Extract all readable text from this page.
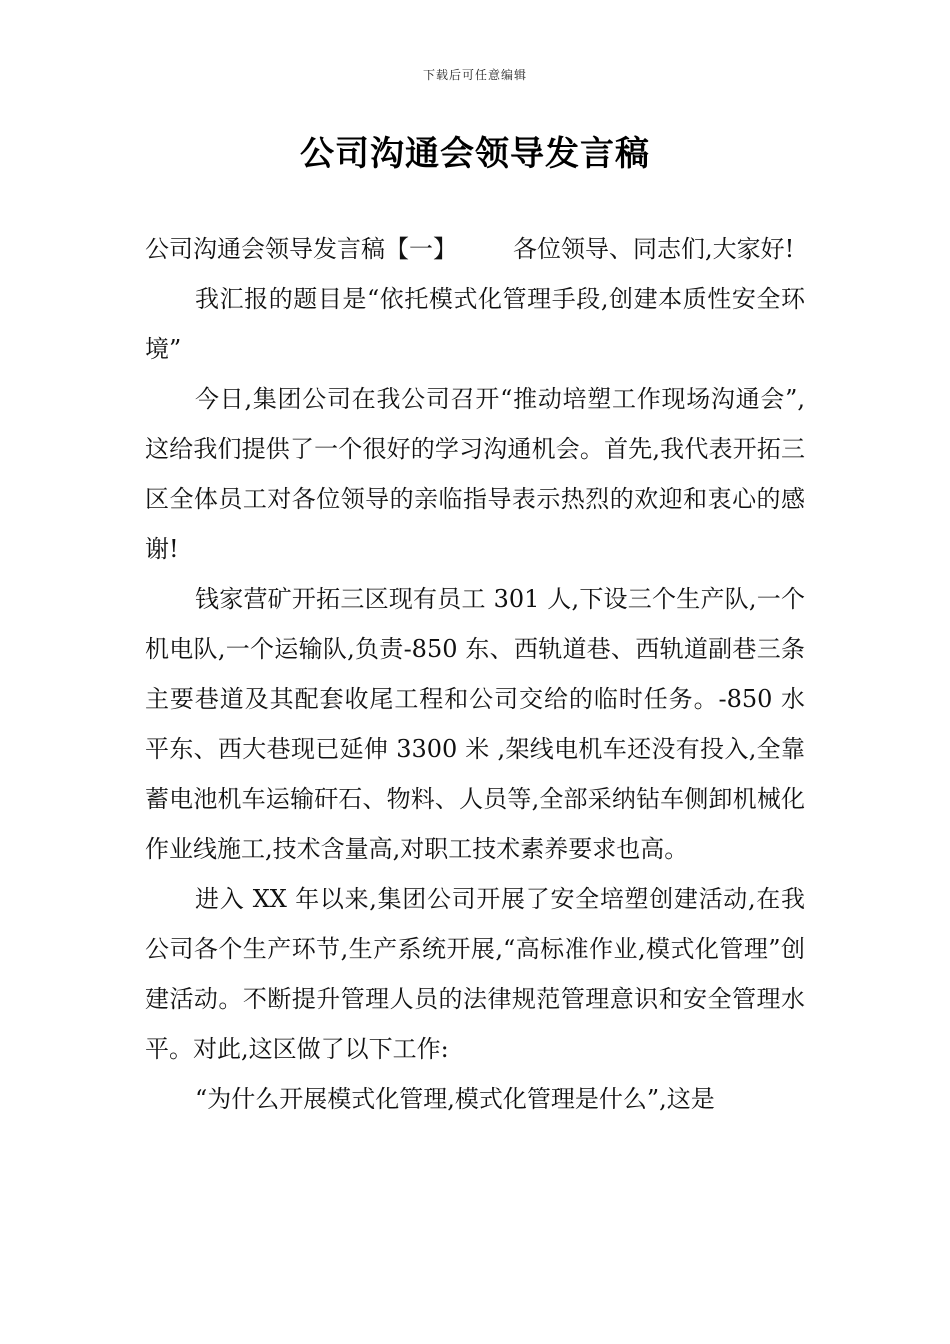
下载后可任意编辑
公司沟通会领导发言稿

公司沟通会领导发言稿【一】 各位领导、同志们,大家好!

我汇报的题目是“依托模式化管理手段,创建本质性安全环境”

今日,集团公司在我公司召开“推动培塑工作现场沟通会”,这给我们提供了一个很好的学习沟通机会。首先,我代表开拓三区全体员工对各位领导的亲临指导表示热烈的欢迎和衷心的感谢!

钱家营矿开拓三区现有员工 301 人,下设三个生产队,一个机电队,一个运输队,负责-850 东、西轨道巷、西轨道副巷三条主要巷道及其配套收尾工程和公司交给的临时任务。-850 水平东、西大巷现已延伸 3300 米 ,架线电机车还没有投入,全靠蓄电池机车运输矸石、物料、人员等,全部采纳钻车侧卸机械化作业线施工,技术含量高,对职工技术素养要求也高。

进入 XX 年以来,集团公司开展了安全培塑创建活动,在我公司各个生产环节,生产系统开展,“高标准作业,模式化管理”创建活动。不断提升管理人员的法律规范管理意识和安全管理水平。对此,这区做了以下工作:

“为什么开展模式化管理,模式化管理是什么”,这是
